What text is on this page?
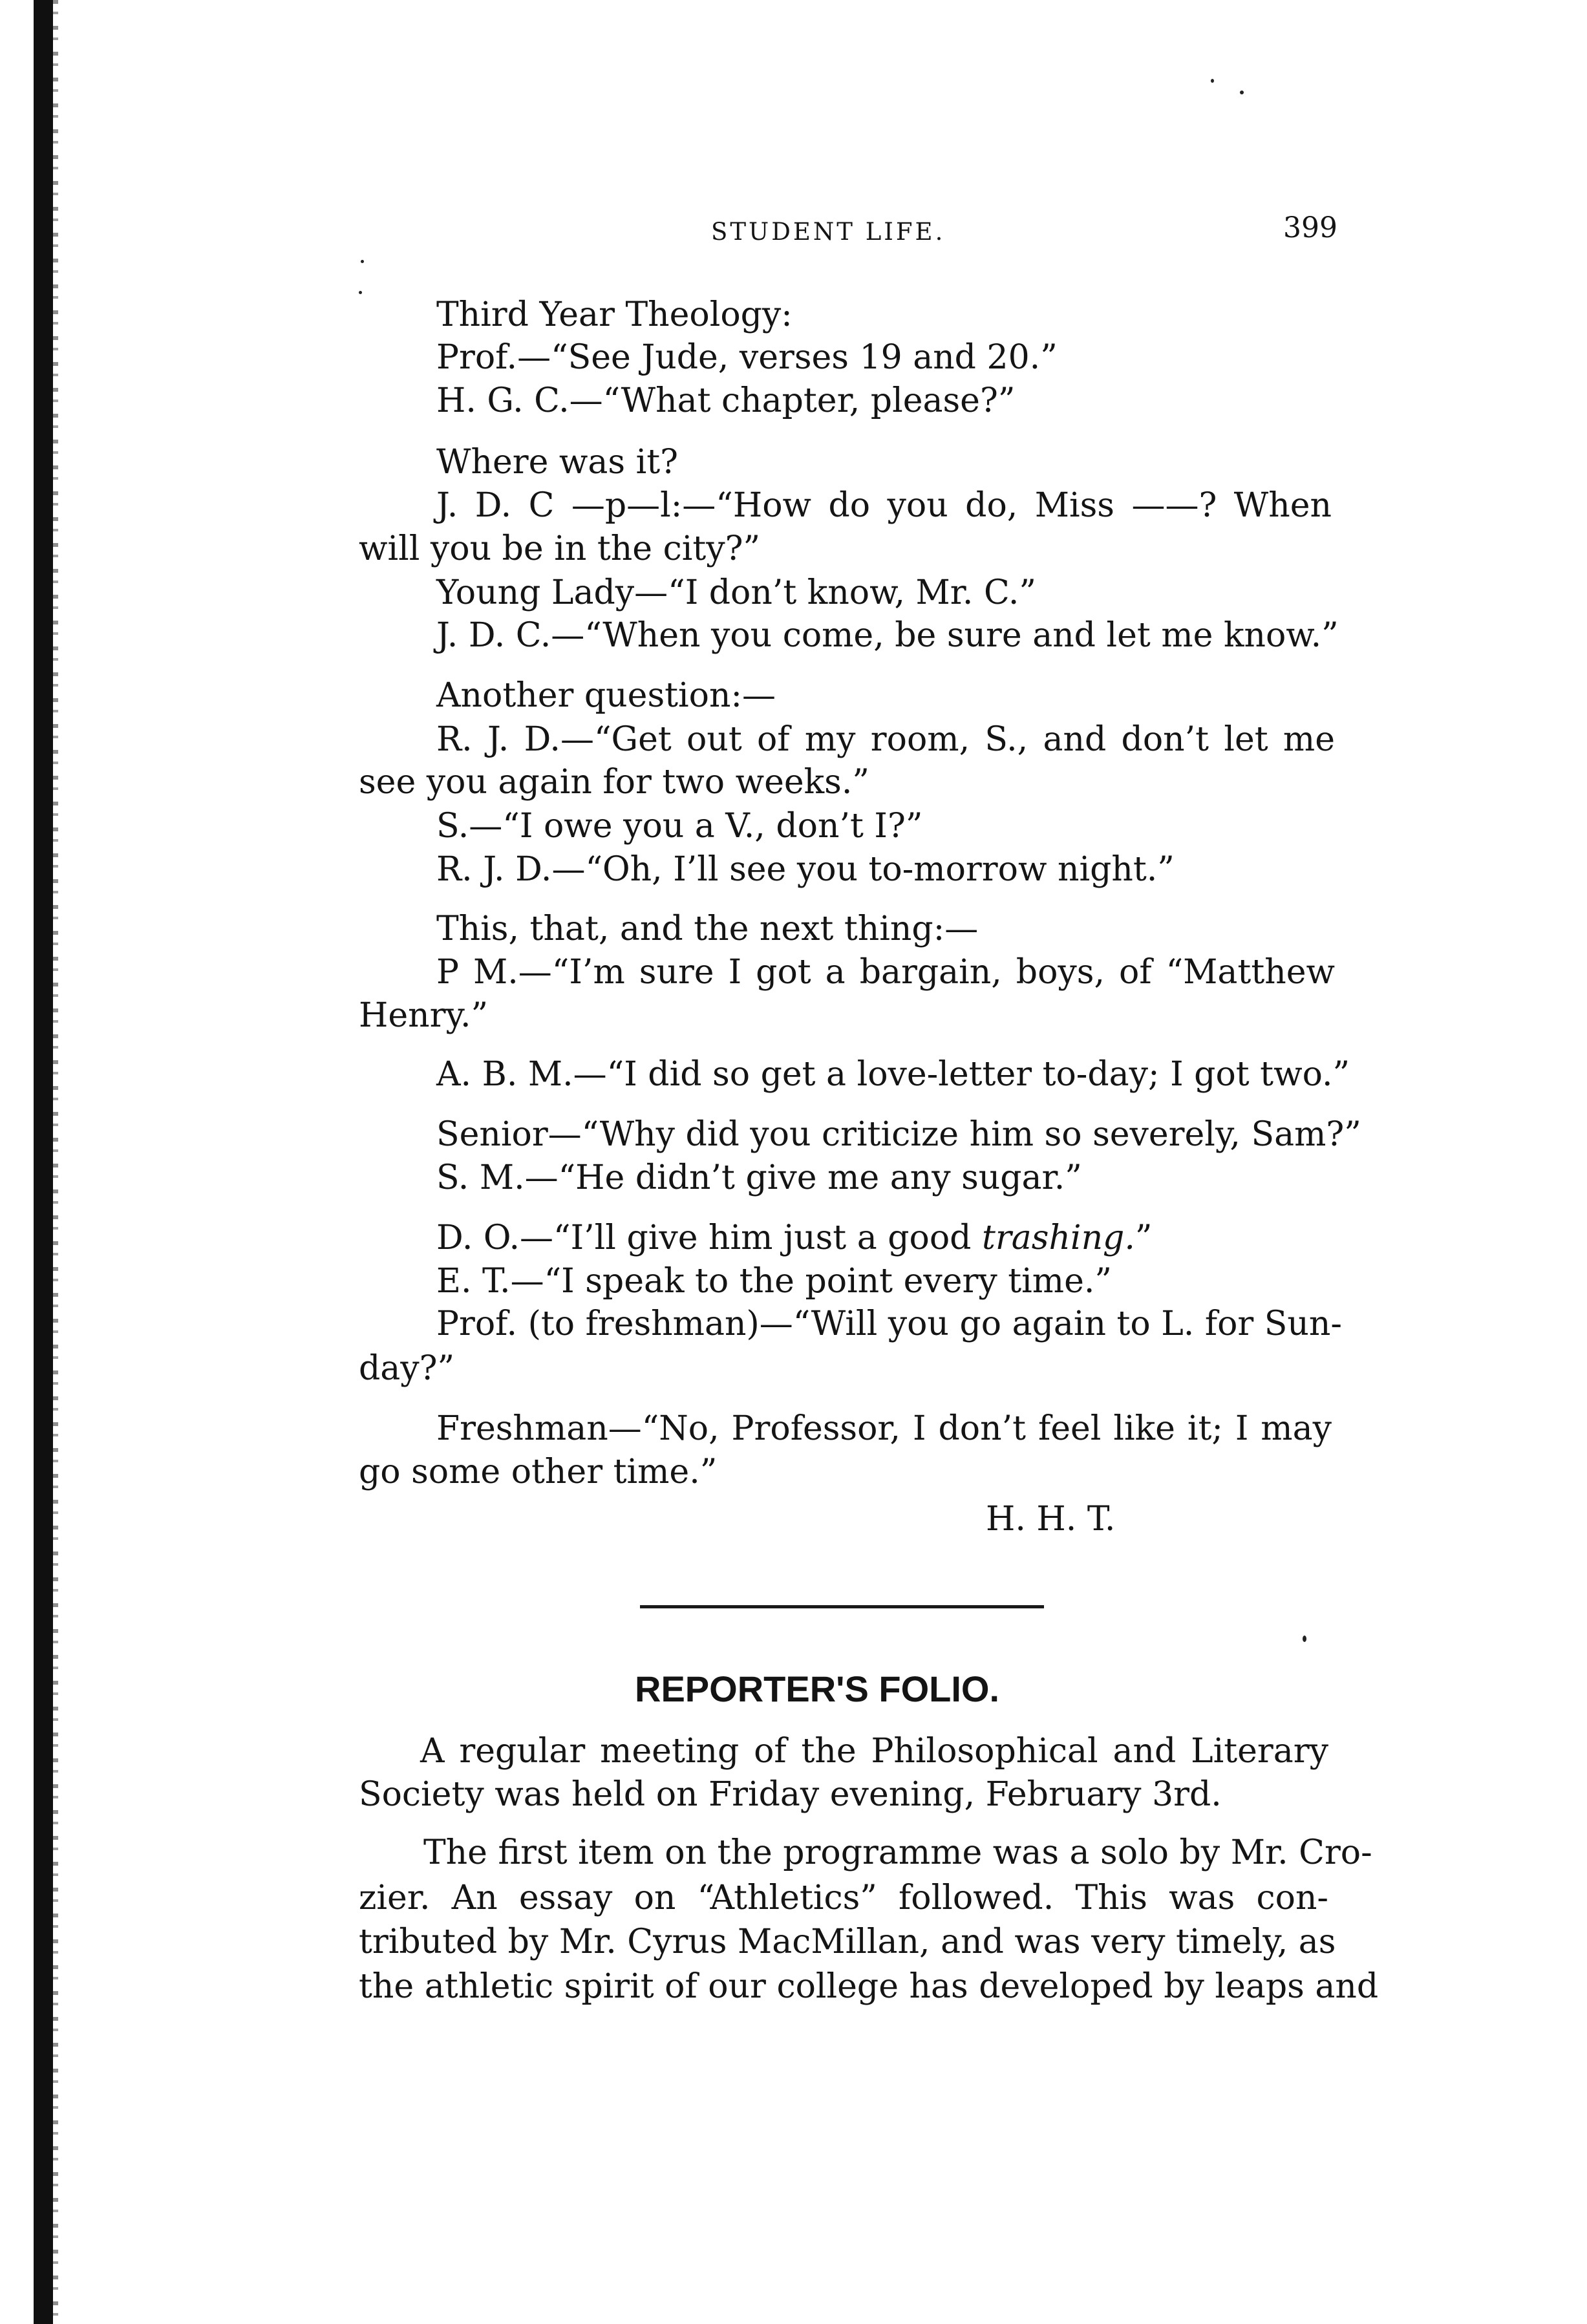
STUDENT LIFE.	399
Third Year Theology:
Prof.—“See Jude, verses 19 and 20.”
H. G. C.—“What chapter, please?”
Where was it?
J. D. C —p—l:—“How do you do, Miss ——? When
will you be in the city?”
Young Lady—“I don’t know, Mr. C.”
J. D. C.—“When you come, be sure and let me know.”
Another question:—
R. J. D.—“Get out of my room, S., and don’t let me
see you again for two weeks.”
S.—“I owe you a V., don’t I?”
R. J. D.—“Oh, I’ll see you to-morrow night.”
This, that, and the next thing:—
P M.—“I’m sure I got a bargain, boys, of “Matthew
Henry.”
A. B. M.—“I did so get a love-letter to-day; I got two.”
Senior—“Why did you criticize him so severely, Sam?”
S. M.—“He didn’t give me any sugar.”
D. O.—“I’ll give him just a good trashing.”
E. T.—“I speak to the point every time.”
Prof. (to freshman)—“Will you go again to L. for Sun-
day?”
Freshman—“No, Professor, I don’t feel like it; I may
go some other time.”
H. H. T.
REPORTER'S FOLIO.
A regular meeting of the Philosophical and Literary
Society was held on Friday evening, February 3rd.
The first item on the programme was a solo by Mr. Cro-
zier. An essay on “Athletics” followed. This was con-
tributed by Mr. Cyrus MacMillan, and was very timely, as
the athletic spirit of our college has developed by leaps and
